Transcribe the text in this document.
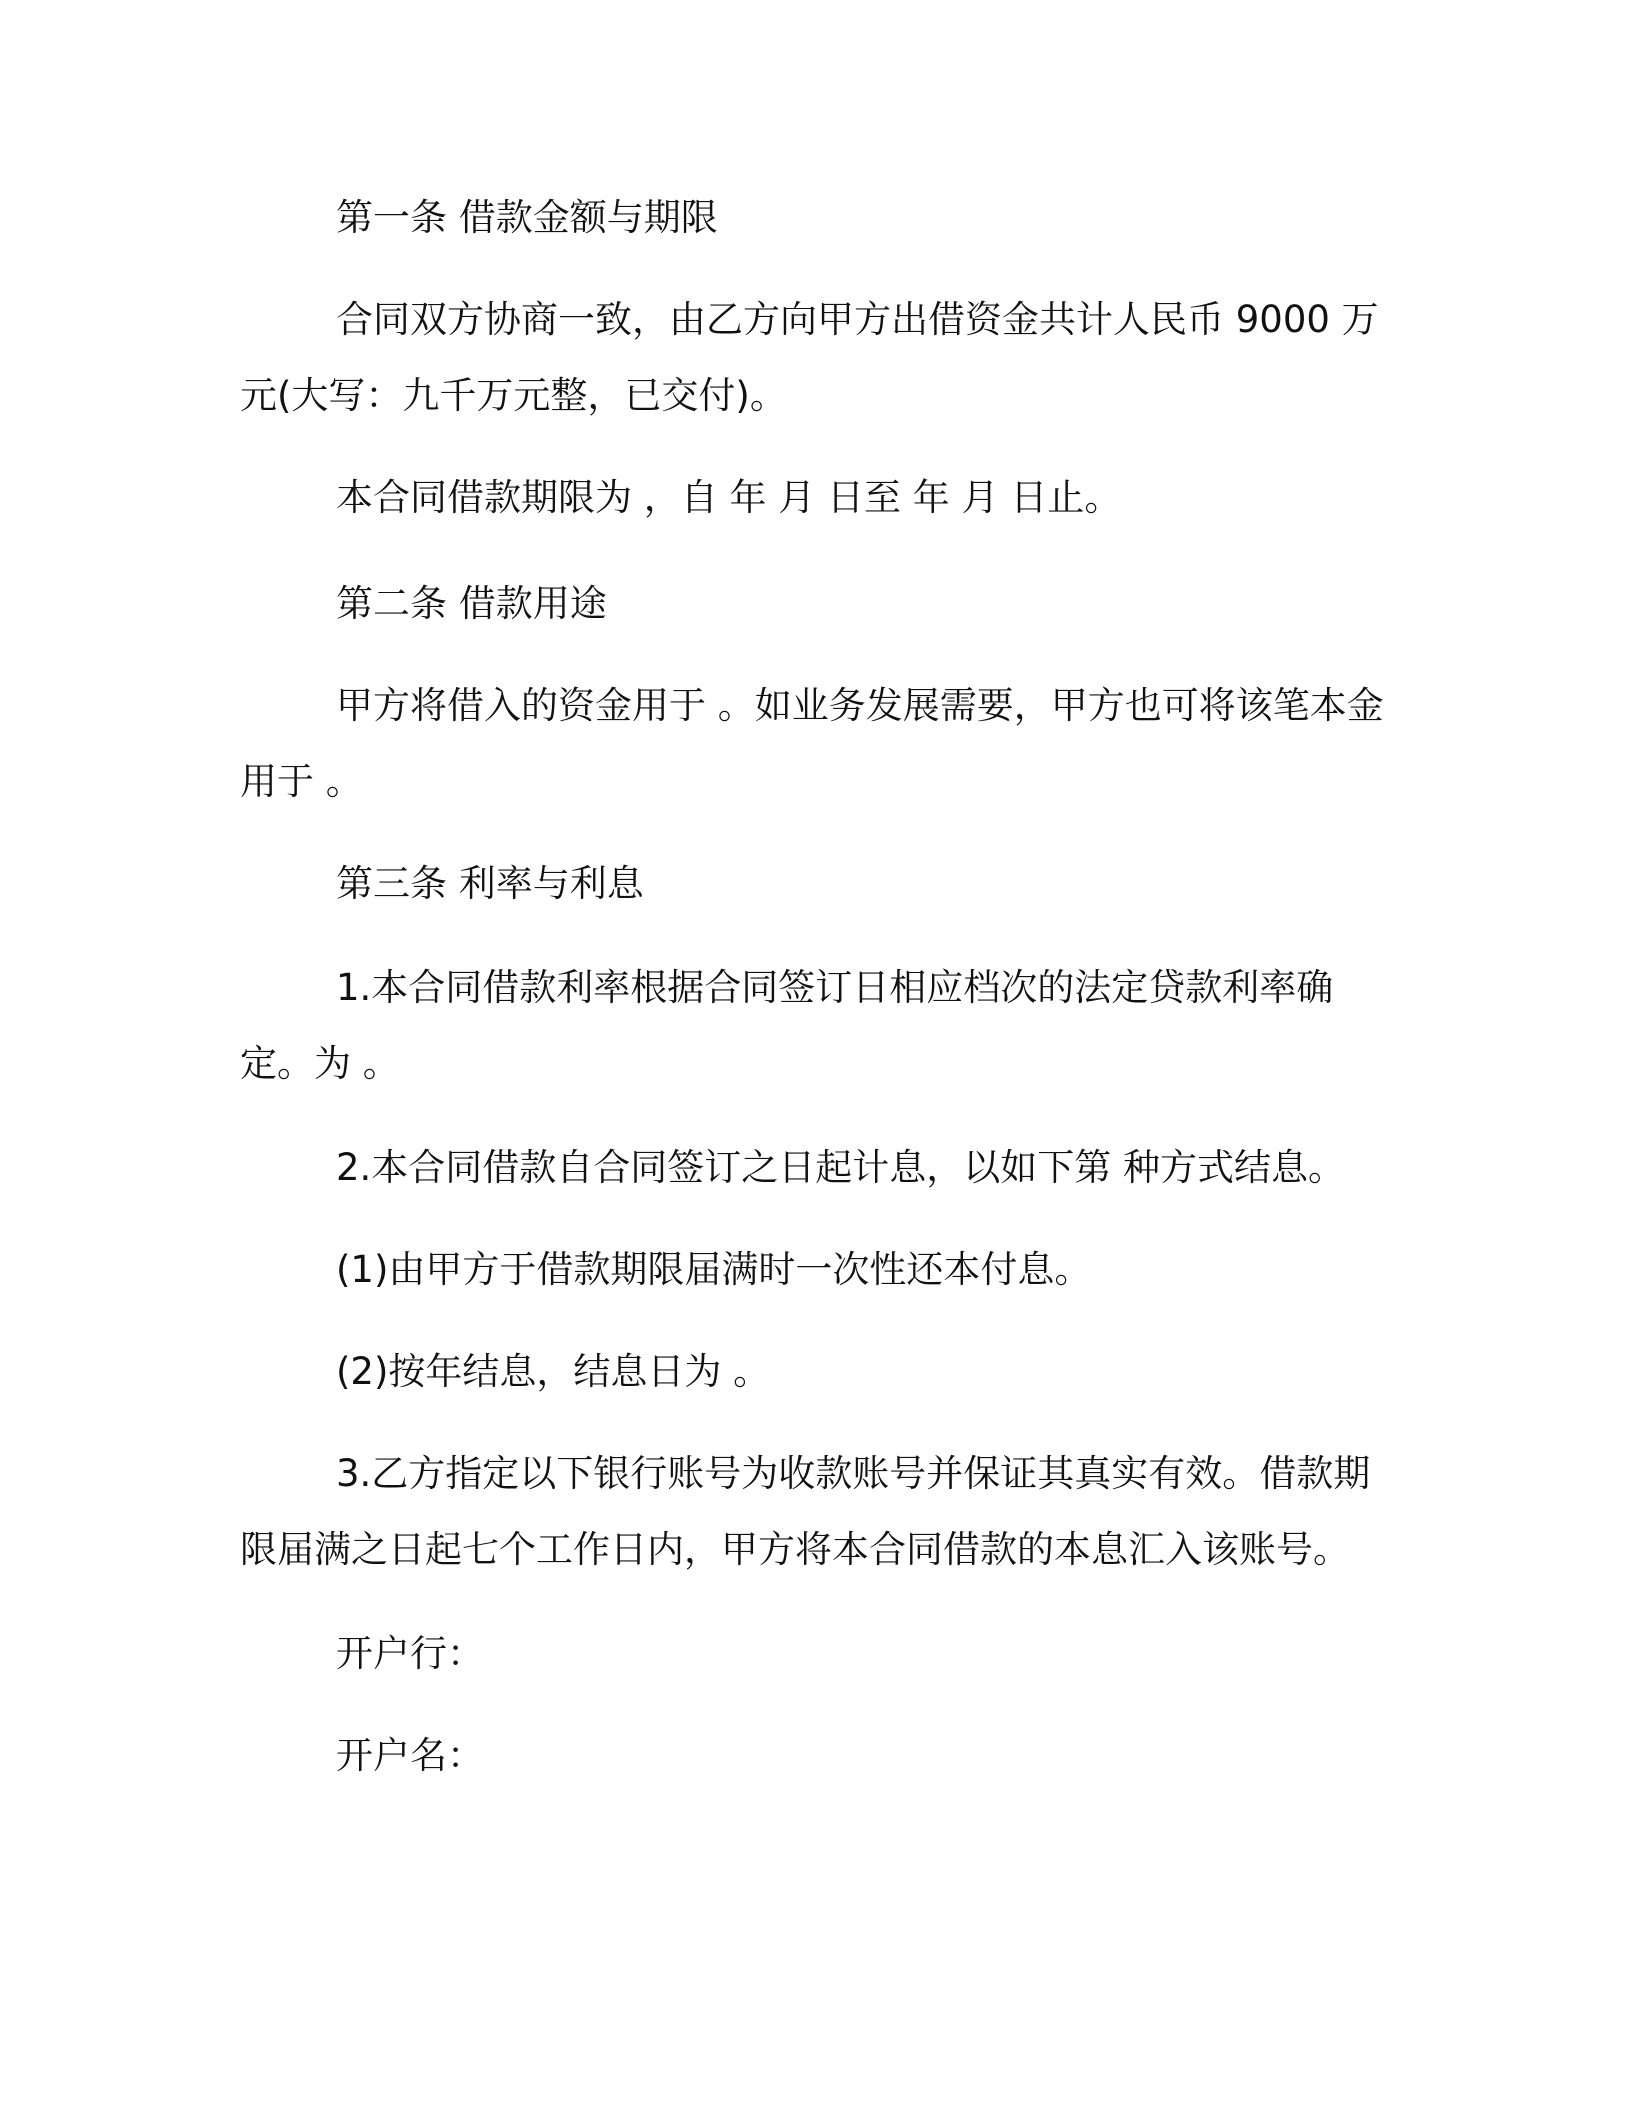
第一条 借款金额与期限

合同双方协商一致，由乙方向甲方出借资金共计人民币 9000 万元(大写：九千万元整，已交付)。

本合同借款期限为 ，自 年 月 日至 年 月 日止。

第二条 借款用途

甲方将借入的资金用于 。如业务发展需要，甲方也可将该笔本金用于 。

第三条 利率与利息

1.本合同借款利率根据合同签订日相应档次的法定贷款利率确定。为 。

2.本合同借款自合同签订之日起计息，以如下第 种方式结息。

(1)由甲方于借款期限届满时一次性还本付息。

(2)按年结息，结息日为 。

3.乙方指定以下银行账号为收款账号并保证其真实有效。借款期限届满之日起七个工作日内，甲方将本合同借款的本息汇入该账号。

开户行：

开户名：
